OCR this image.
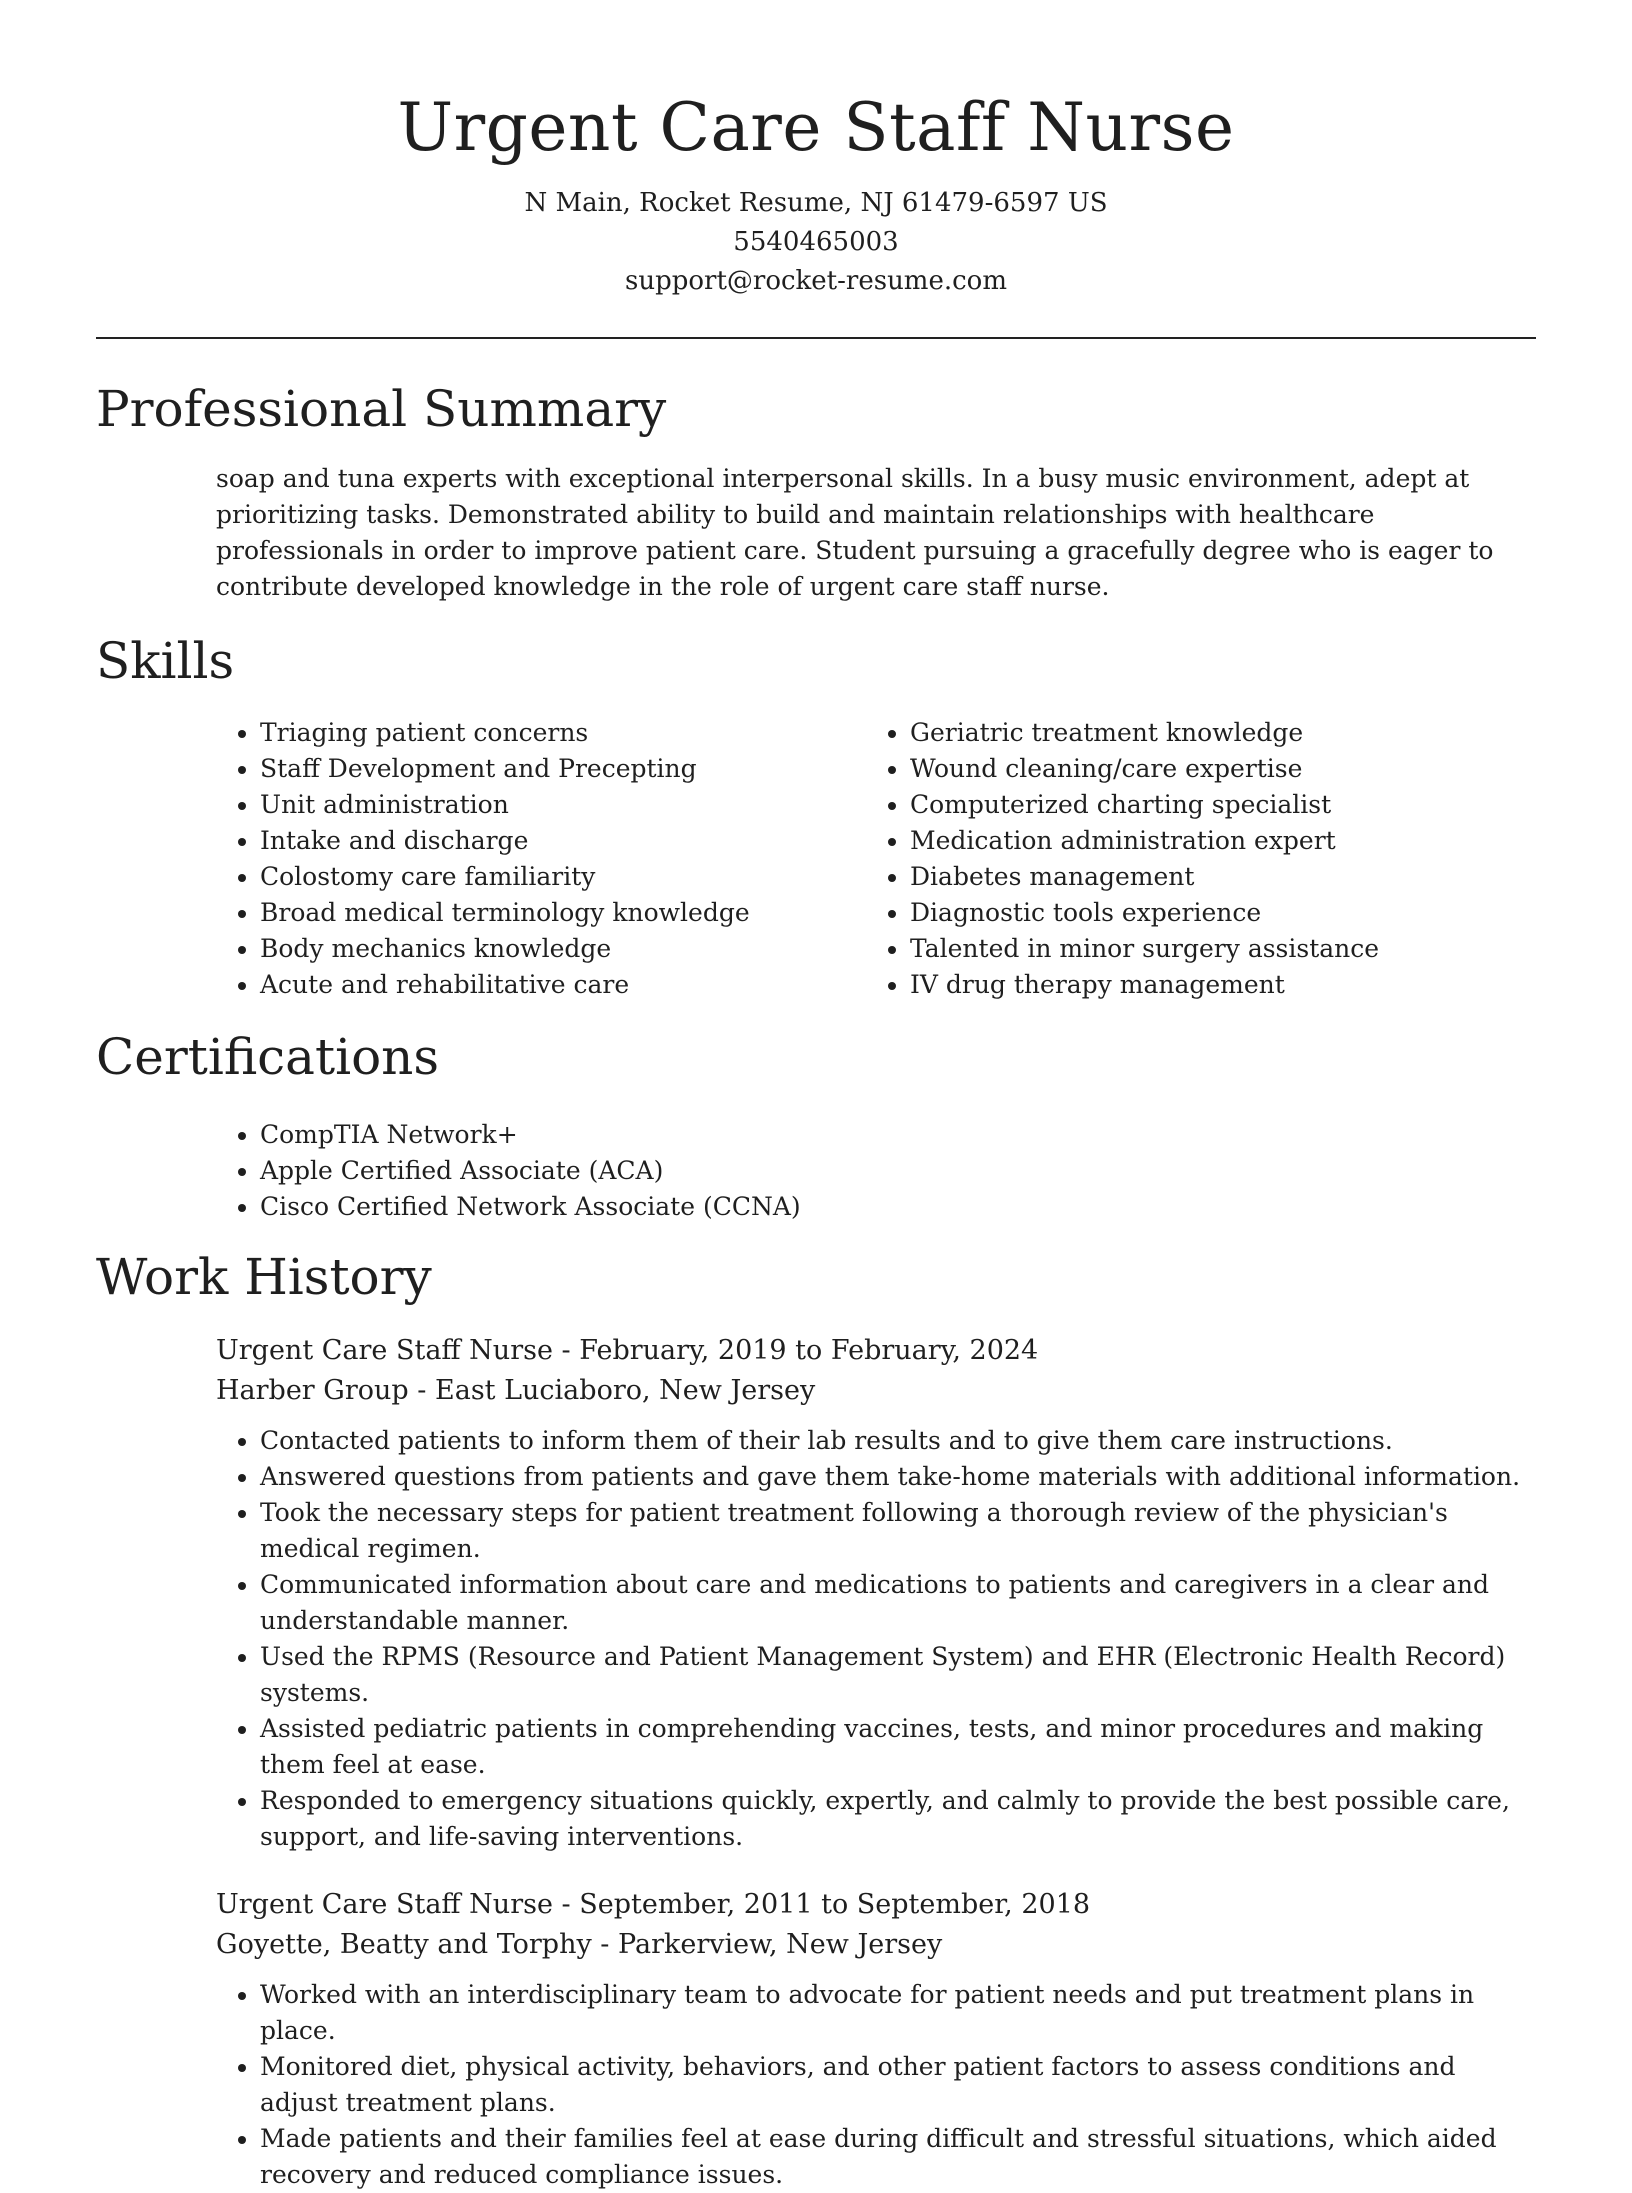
Urgent Care Staff Nurse
N Main, Rocket Resume, NJ 61479-6597 US
5540465003
support@rocket-resume.com
Professional Summary
soap and tuna experts with exceptional interpersonal skills. In a busy music environment, adept at prioritizing tasks. Demonstrated ability to build and maintain relationships with healthcare professionals in order to improve patient care. Student pursuing a gracefully degree who is eager to contribute developed knowledge in the role of urgent care staff nurse.
Skills
• Triaging patient concerns
• Staff Development and Precepting
• Unit administration
• Intake and discharge
• Colostomy care familiarity
• Broad medical terminology knowledge
• Body mechanics knowledge
• Acute and rehabilitative care
• Geriatric treatment knowledge
• Wound cleaning/care expertise
• Computerized charting specialist
• Medication administration expert
• Diabetes management
• Diagnostic tools experience
• Talented in minor surgery assistance
• IV drug therapy management
Certifications
• CompTIA Network+
• Apple Certified Associate (ACA)
• Cisco Certified Network Associate (CCNA)
Work History
Urgent Care Staff Nurse - February, 2019 to February, 2024
Harber Group - East Luciaboro, New Jersey
• Contacted patients to inform them of their lab results and to give them care instructions.
• Answered questions from patients and gave them take-home materials with additional information.
• Took the necessary steps for patient treatment following a thorough review of the physician's medical regimen.
• Communicated information about care and medications to patients and caregivers in a clear and understandable manner.
• Used the RPMS (Resource and Patient Management System) and EHR (Electronic Health Record) systems.
• Assisted pediatric patients in comprehending vaccines, tests, and minor procedures and making them feel at ease.
• Responded to emergency situations quickly, expertly, and calmly to provide the best possible care, support, and life-saving interventions.
Urgent Care Staff Nurse - September, 2011 to September, 2018
Goyette, Beatty and Torphy - Parkerview, New Jersey
• Worked with an interdisciplinary team to advocate for patient needs and put treatment plans in place.
• Monitored diet, physical activity, behaviors, and other patient factors to assess conditions and adjust treatment plans.
• Made patients and their families feel at ease during difficult and stressful situations, which aided recovery and reduced compliance issues.
